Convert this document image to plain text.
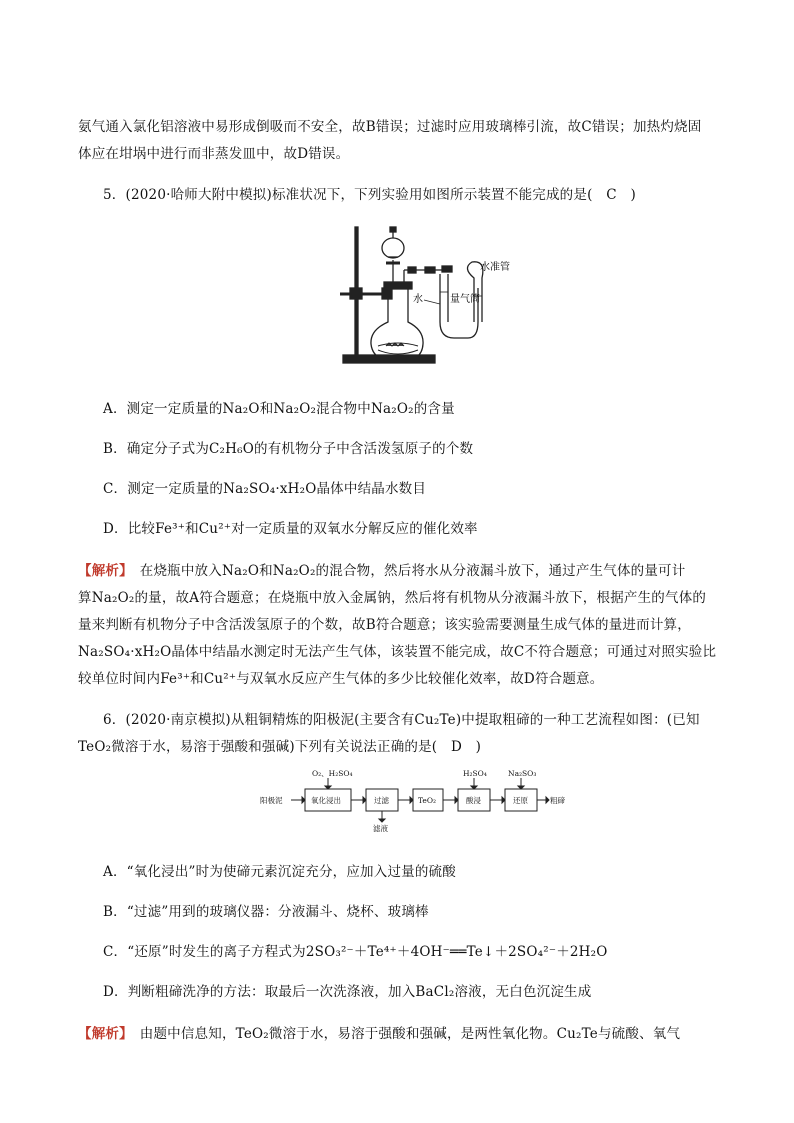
氨气通入氯化铝溶液中易形成倒吸而不安全，故B错误；过滤时应用玻璃棒引流，故C错误；加热灼烧固
体应在坩埚中进行而非蒸发皿中，故D错误。
5．(2020·哈师大附中模拟)标准状况下，下列实验用如图所示装置不能完成的是(　C　)
水准管
水	量气筒
A．测定一定质量的Na₂O和Na₂O₂混合物中Na₂O₂的含量
B．确定分子式为C₂H₆O的有机物分子中含活泼氢原子的个数
C．测定一定质量的Na₂SO₄·xH₂O晶体中结晶水数目
D．比较Fe³⁺和Cu²⁺对一定质量的双氧水分解反应的催化效率
【解析】　在烧瓶中放入Na₂O和Na₂O₂的混合物，然后将水从分液漏斗放下，通过产生气体的量可计
算Na₂O₂的量，故A符合题意；在烧瓶中放入金属钠，然后将有机物从分液漏斗放下，根据产生的气体的
量来判断有机物分子中含活泼氢原子的个数，故B符合题意；该实验需要测量生成气体的量进而计算，
Na₂SO₄·xH₂O晶体中结晶水测定时无法产生气体，该装置不能完成，故C不符合题意；可通过对照实验比
较单位时间内Fe³⁺和Cu²⁺与双氧水反应产生气体的多少比较催化效率，故D符合题意。
6．(2020·南京模拟)从粗铜精炼的阳极泥(主要含有Cu₂Te)中提取粗碲的一种工艺流程如图：(已知
TeO₂微溶于水，易溶于强酸和强碱)下列有关说法正确的是(　D　)
阳极泥
O₂、H₂SO₄
氧化浸出	过滤
滤液
TeO₂
H₂SO₄
酸浸
Na₂SO₃
还原	粗碲
A．“氧化浸出”时为使碲元素沉淀充分，应加入过量的硫酸
B．“过滤”用到的玻璃仪器：分液漏斗、烧杯、玻璃棒
C．“还原”时发生的离子方程式为2SO₃²⁻＋Te⁴⁺＋4OH⁻══Te↓＋2SO₄²⁻＋2H₂O
D．判断粗碲洗净的方法：取最后一次洗涤液，加入BaCl₂溶液，无白色沉淀生成
【解析】　由题中信息知，TeO₂微溶于水，易溶于强酸和强碱，是两性氧化物。Cu₂Te与硫酸、氧气
